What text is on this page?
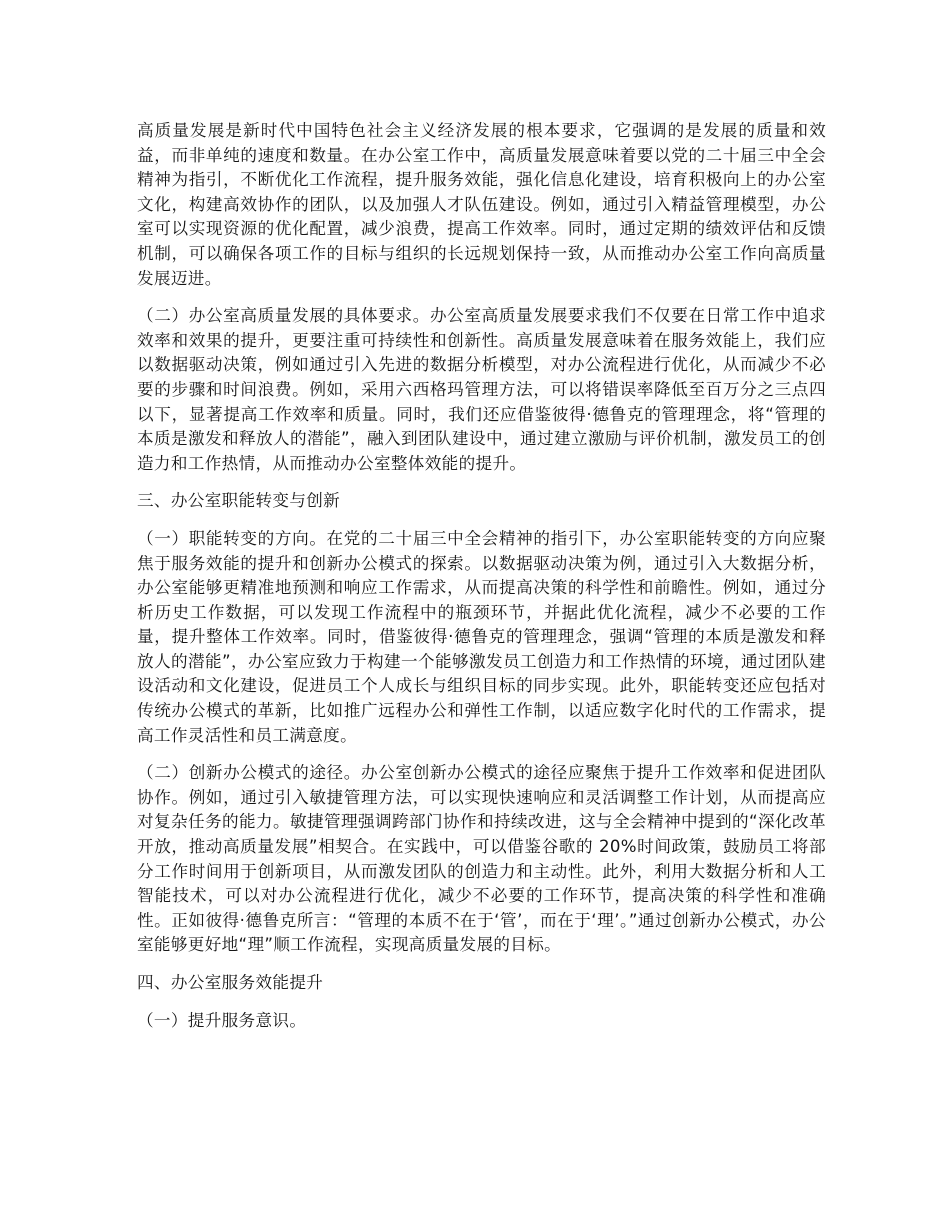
高质量发展是新时代中国特色社会主义经济发展的根本要求，它强调的是发展的质量和效益，而非单纯的速度和数量。在办公室工作中，高质量发展意味着要以党的二十届三中全会精神为指引，不断优化工作流程，提升服务效能，强化信息化建设，培育积极向上的办公室文化，构建高效协作的团队，以及加强人才队伍建设。例如，通过引入精益管理模型，办公室可以实现资源的优化配置，减少浪费，提高工作效率。同时，通过定期的绩效评估和反馈机制，可以确保各项工作的目标与组织的长远规划保持一致，从而推动办公室工作向高质量发展迈进。

（二）办公室高质量发展的具体要求。办公室高质量发展要求我们不仅要在日常工作中追求效率和效果的提升，更要注重可持续性和创新性。高质量发展意味着在服务效能上，我们应以数据驱动决策，例如通过引入先进的数据分析模型，对办公流程进行优化，从而减少不必要的步骤和时间浪费。例如，采用六西格玛管理方法，可以将错误率降低至百万分之三点四以下，显著提高工作效率和质量。同时，我们还应借鉴彼得·德鲁克的管理理念，将“管理的本质是激发和释放人的潜能”，融入到团队建设中，通过建立激励与评价机制，激发员工的创造力和工作热情，从而推动办公室整体效能的提升。

三、办公室职能转变与创新

（一）职能转变的方向。在党的二十届三中全会精神的指引下，办公室职能转变的方向应聚焦于服务效能的提升和创新办公模式的探索。以数据驱动决策为例，通过引入大数据分析，办公室能够更精准地预测和响应工作需求，从而提高决策的科学性和前瞻性。例如，通过分析历史工作数据，可以发现工作流程中的瓶颈环节，并据此优化流程，减少不必要的工作量，提升整体工作效率。同时，借鉴彼得·德鲁克的管理理念，强调“管理的本质是激发和释放人的潜能”，办公室应致力于构建一个能够激发员工创造力和工作热情的环境，通过团队建设活动和文化建设，促进员工个人成长与组织目标的同步实现。此外，职能转变还应包括对传统办公模式的革新，比如推广远程办公和弹性工作制，以适应数字化时代的工作需求，提高工作灵活性和员工满意度。

（二）创新办公模式的途径。办公室创新办公模式的途径应聚焦于提升工作效率和促进团队协作。例如，通过引入敏捷管理方法，可以实现快速响应和灵活调整工作计划，从而提高应对复杂任务的能力。敏捷管理强调跨部门协作和持续改进，这与全会精神中提到的“深化改革开放，推动高质量发展”相契合。在实践中，可以借鉴谷歌的 20%时间政策，鼓励员工将部分工作时间用于创新项目，从而激发团队的创造力和主动性。此外，利用大数据分析和人工智能技术，可以对办公流程进行优化，减少不必要的工作环节，提高决策的科学性和准确性。正如彼得·德鲁克所言：“管理的本质不在于‘管’，而在于‘理’。”通过创新办公模式，办公室能够更好地“理”顺工作流程，实现高质量发展的目标。

四、办公室服务效能提升

（一）提升服务意识。
